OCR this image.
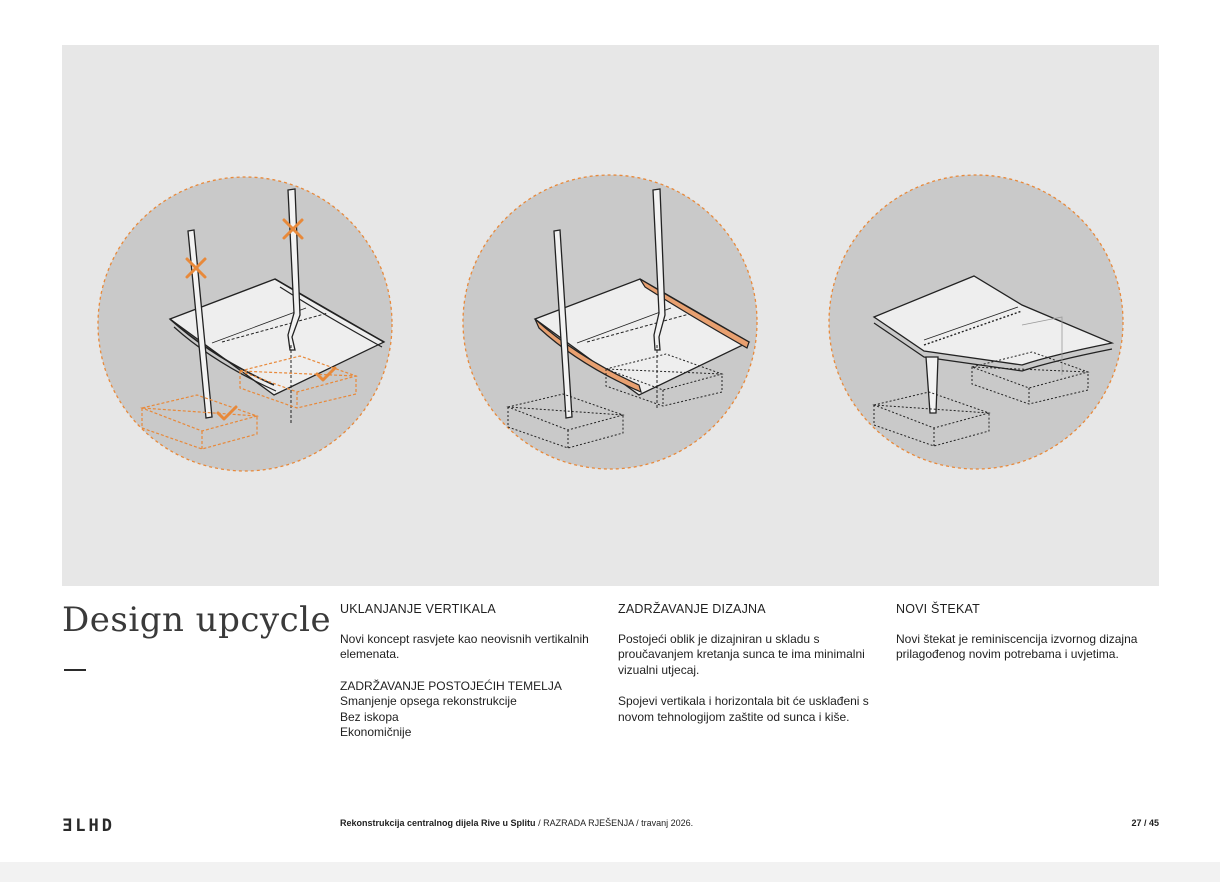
Design upcycle UKLANJANJE VERTIKALA

Novi koncept rasvjete kao neovisnih vertikalnih elemenata.

ZADRŽAVANJE POSTOJEĆIH TEMELJA
Smanjenje opsega rekonstrukcije
Bez iskopa
Ekonomičnije
ZADRŽAVANJE DIZAJNA

Postojeći oblik je dizajniran u skladu s proučavanjem kretanja sunca te ima minimalni vizualni utjecaj.

Spojevi vertikala i horizontala bit će usklađeni s novom tehnologijom zaštite od sunca i kiše.

NOVI ŠTEKAT

Novi štekat je reminiscencija izvornog dizajna prilagođenog novim potrebama i uvjetima.

ƎLHD	Rekonstrukcija centralnog dijela Rive u Splitu / RAZRADA RJEŠENJA / travanj 2026.	27 / 45
